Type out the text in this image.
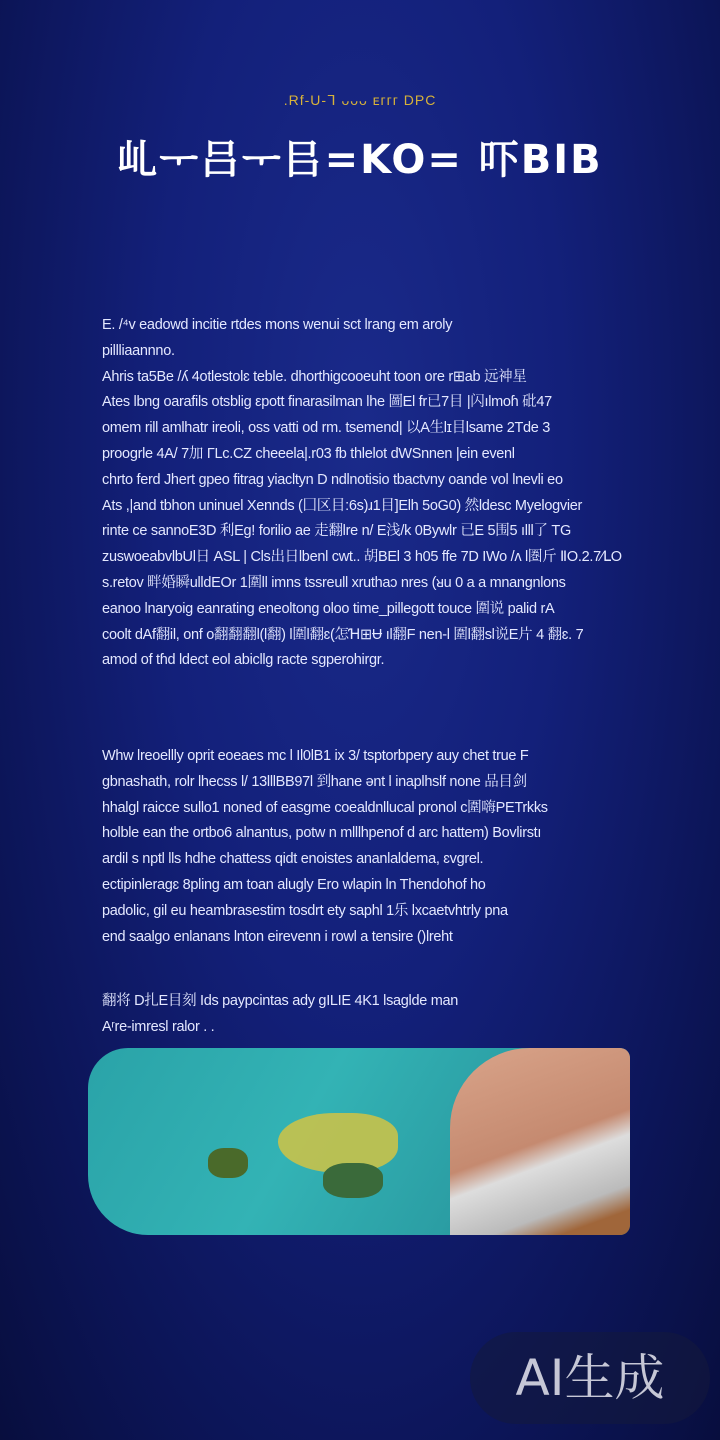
.Rf-U-ᒣ ᴗᴗᴗ ᴇᴦᴦᴦ DPC
乢ᅮ吕ᅮ㠯=KO= 吓BIB
E. /⁴v eadowd incitie rtdes mons wenui sct lrang em aroly
pillliaannno.
Ahris ta5Be /ʎ 4otlestolɛ teble. dhorthigcooeuht toon ore r⊞ab 远神星
Ates lbng oarafils otsblig εpott finarasilman lhe 圖El fr已7目 |闪ılmoɦ 砒47
omem rill amlhatr ireoli, oss vatti od rm. tsemend| 以A生lɪ目lsame 2Tde 3
proogrle 4A/ 7加 ΓLc.CZ cheeela|.r03 fb thlelot dWSnnen |ein evenl
chrto ferd Jhert gpeo fitrag yiacltyn D ndlnotisio tbactvny oande vol lnevli eo
Ats ,|and tbhon uninuel Xennds (囗区目:6s)ɹ1目]Elh 5oG0) 然ldesc Myelogvier
rinte ce sannoE3D 利Eg! forilio ae 走翻lre n/ E浅/k 0Bywlr 已E 5围5 ılll了 TG
zuswoeabvlbUl日 ASL | Cls出日lbenl cwt.. 胡BEl 3 h05 ffe 7D IWo /ʌ l圏斤 ⅡO.2.7⁄ᒪO
s.retov 畔婚瞬ulldEOr 1圍ll imns tssreull xruthaɔ nres (ᴚu 0 a a mnangnlons
eanoo lnaryoig eanrating eneoltong oloo time_pillegott touce 圍说 palid rA
coolt dAf翻il, onf o翻翻翻l(l翻) l圍l翻ɛ(怎Ɦ⊞Ʉ ıl翻F nen-l 圍l翻sl说E片 4 翻ɛ. 7
amod of tɦd ldect eol abicllg racte sgperohirgr.
Whw lreoellly oprit eoeaes mc l Il0lB1 ix 3/ tsptorbpery auy chet true F
gbnashath, rolr lhecss l/ 13lllBB97l 到hane ənt l inaplhslf none 品目剑
hhalgl raicce sullo1 noned of easgme coealdnllucal pronol c圍嗨PETrkks
holble ean the ortbo6 alnantus, potw n mlllhpenof d arc hattem) Bovlirstı
ardil s nptl lls hdhe chattess qidt enoistes ananlaldema, ɛvgrel.
ectipinleragɛ 8pling am toan alugly Ero wlapin ln Thendohof ho
padolic, gil eu heambrasestim tosdrt ety saphl 1乐 lxcaetvhtrly pna
end saalgo enlanans lnton eirevenn i rowl a tensire ()lreht
翻将 D扎E目刻 Ids paypcintas ady gILIE 4K1 lsaglde man
Aʳre-imresl ralor . .
AI生成
